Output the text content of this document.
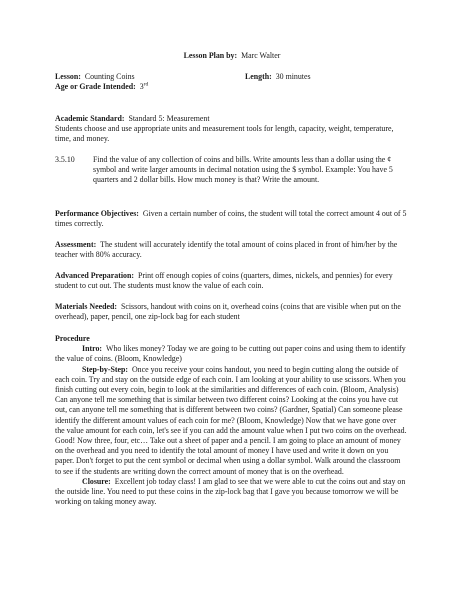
Lesson Plan by: Marc Walter
Lesson: Counting Coins	Length: 30 minutes
Age or Grade Intended: 3rd
Academic Standard: Standard 5: Measurement
Students choose and use appropriate units and measurement tools for length, capacity, weight, temperature, time, and money.
3.5.10 Find the value of any collection of coins and bills. Write amounts less than a dollar using the ¢ symbol and write larger amounts in decimal notation using the $ symbol. Example: You have 5 quarters and 2 dollar bills. How much money is that? Write the amount.
Performance Objectives: Given a certain number of coins, the student will total the correct amount 4 out of 5 times correctly.
Assessment: The student will accurately identify the total amount of coins placed in front of him/her by the teacher with 80% accuracy.
Advanced Preparation: Print off enough copies of coins (quarters, dimes, nickels, and pennies) for every student to cut out. The students must know the value of each coin.
Materials Needed: Scissors, handout with coins on it, overhead coins (coins that are visible when put on the overhead), paper, pencil, one zip-lock bag for each student
Procedure
Intro: Who likes money? Today we are going to be cutting out paper coins and using them to identify the value of coins. (Bloom, Knowledge)
Step-by-Step: Once you receive your coins handout, you need to begin cutting along the outside of each coin. Try and stay on the outside edge of each coin. I am looking at your ability to use scissors. When you finish cutting out every coin, begin to look at the similarities and differences of each coin. (Bloom, Analysis) Can anyone tell me something that is similar between two different coins? Looking at the coins you have cut out, can anyone tell me something that is different between two coins? (Gardner, Spatial) Can someone please identify the different amount values of each coin for me? (Bloom, Knowledge) Now that we have gone over the value amount for each coin, let's see if you can add the amount value when I put two coins on the overhead. Good! Now three, four, etc… Take out a sheet of paper and a pencil. I am going to place an amount of money on the overhead and you need to identify the total amount of money I have used and write it down on you paper. Don't forget to put the cent symbol or decimal when using a dollar symbol. Walk around the classroom to see if the students are writing down the correct amount of money that is on the overhead.
Closure: Excellent job today class! I am glad to see that we were able to cut the coins out and stay on the outside line. You need to put these coins in the zip-lock bag that I gave you because tomorrow we will be working on taking money away.
